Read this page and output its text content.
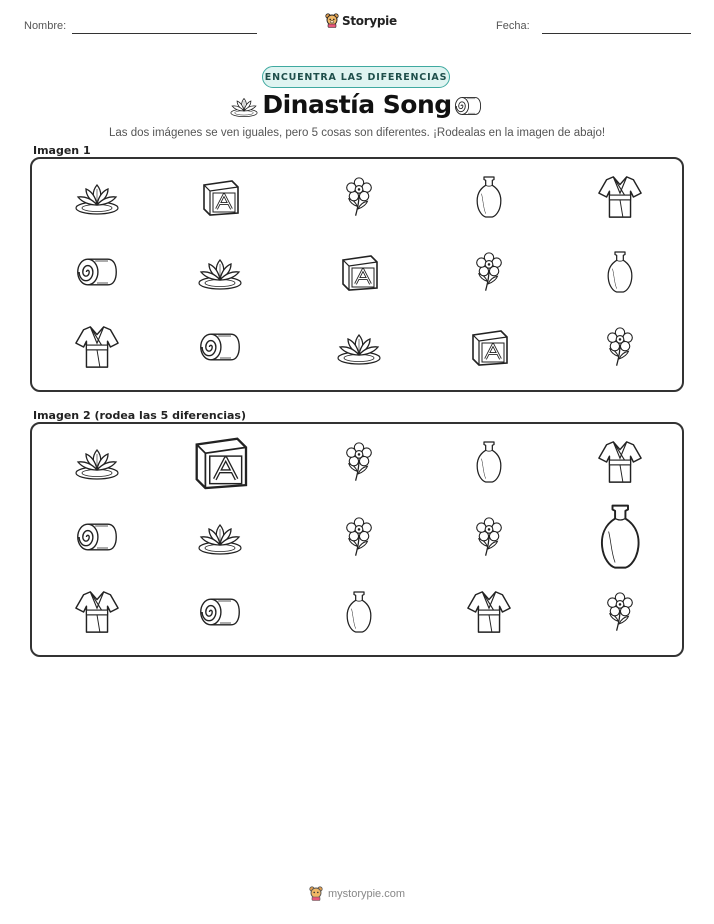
Nombre:	Storypie	Fecha:
ENCUENTRA LAS DIFERENCIAS
Dinastía Song
Las dos imágenes se ven iguales, pero 5 cosas son diferentes. ¡Rodealas en la imagen de abajo!
Imagen 1
Imagen 2 (rodea las 5 diferencias)
mystorypie.com
